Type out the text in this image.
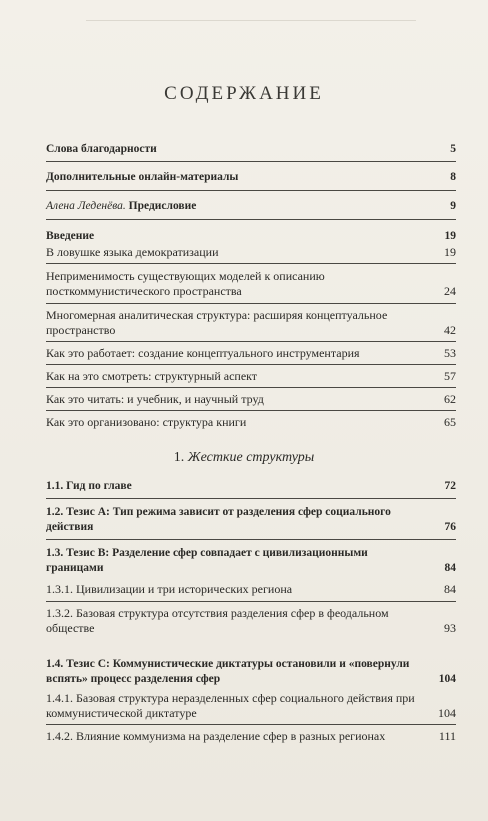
СОДЕРЖАНИЕ
Слова благодарности	5
Дополнительные онлайн-материалы	8
Алена Леденёва. Предисловие	9
Введение	19
В ловушке языка демократизации	19
Неприменимость существующих моделей к описанию посткоммунистического пространства	24
Многомерная аналитическая структура: расширяя концептуальное пространство	42
Как это работает: создание концептуального инструментария	53
Как на это смотреть: структурный аспект	57
Как это читать: и учебник, и научный труд	62
Как это организовано: структура книги	65
1. Жесткие структуры
1.1. Гид по главе	72
1.2. Тезис А: Тип режима зависит от разделения сфер социального действия	76
1.3. Тезис B: Разделение сфер совпадает с цивилизационными границами	84
1.3.1. Цивилизации и три исторических региона	84
1.3.2. Базовая структура отсутствия разделения сфер в феодальном обществе	93
1.4. Тезис С: Коммунистические диктатуры остановили и «повернули вспять» процесс разделения сфер	104
1.4.1. Базовая структура неразделенных сфер социального действия при коммунистической диктатуре	104
1.4.2. Влияние коммунизма на разделение сфер в разных регионах	111
